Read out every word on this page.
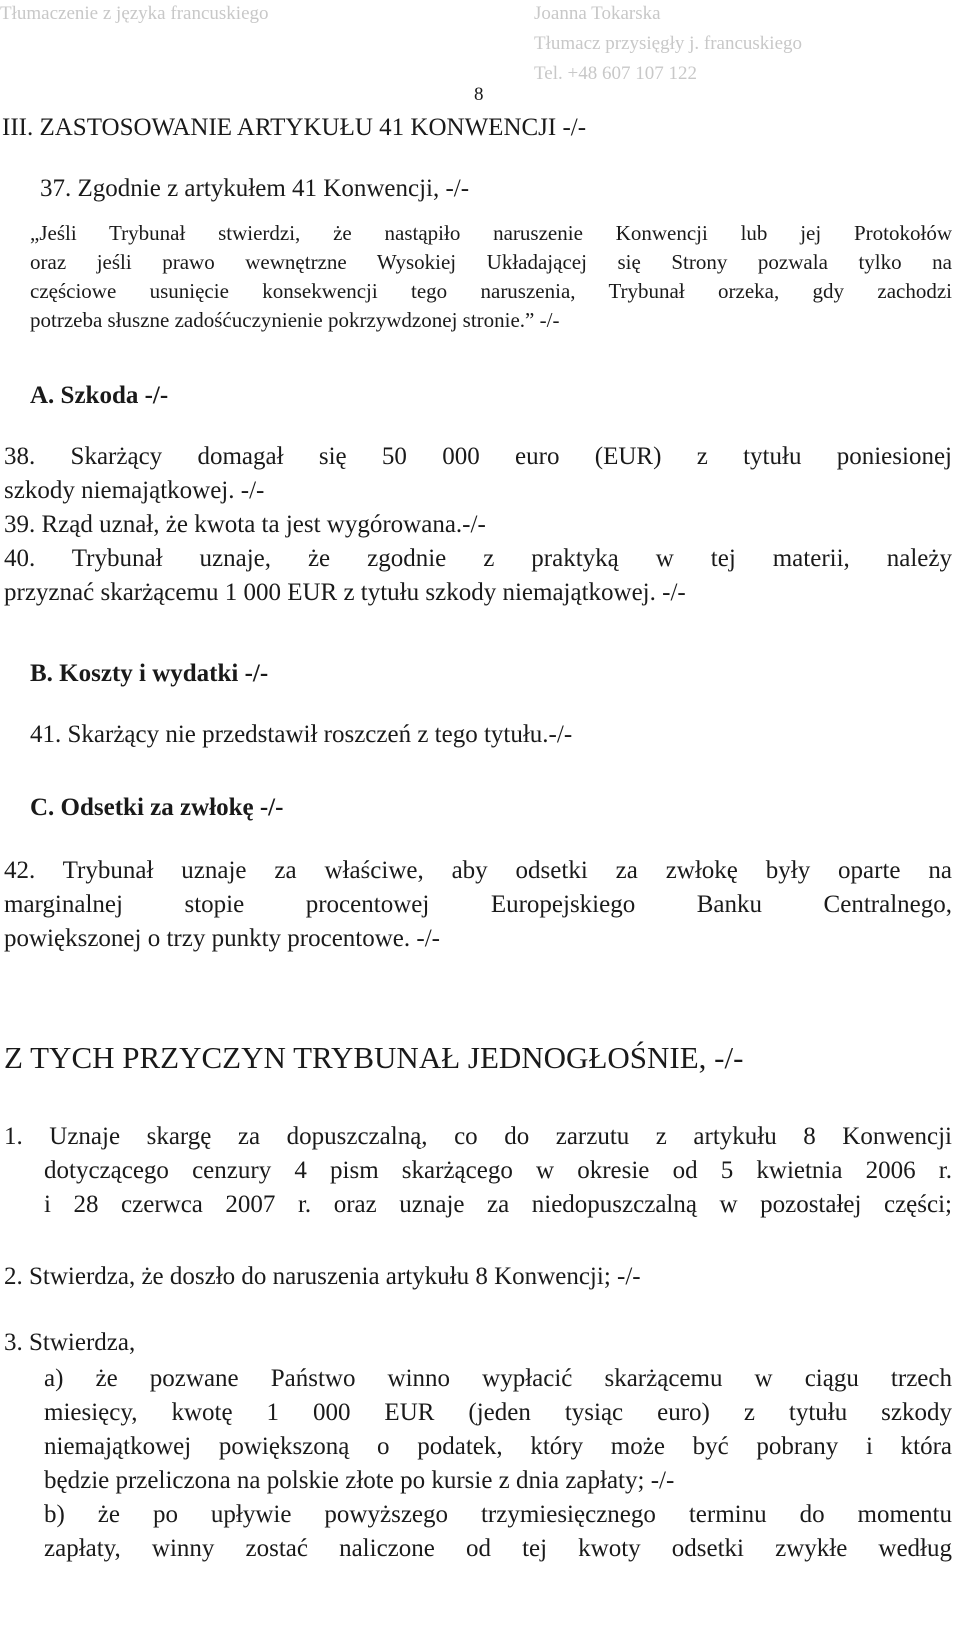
Tłumaczenie z języka francuskiego	Joanna Tokarska
Tłumacz przysięgły j. francuskiego
Tel. +48 607 107 122
8
III. ZASTOSOWANIE ARTYKUŁU 41 KONWENCJI -/-
37. Zgodnie z artykułem 41 Konwencji, -/-
„Jeśli Trybunał stwierdzi, że nastąpiło naruszenie Konwencji lub jej Protokołów
oraz jeśli prawo wewnętrzne Wysokiej Układającej się Strony pozwala tylko na
częściowe usunięcie konsekwencji tego naruszenia, Trybunał orzeka, gdy zachodzi
potrzeba słuszne zadośćuczynienie pokrzywdzonej stronie.” -/-
A. Szkoda -/-
38. Skarżący domagał się 50 000 euro (EUR) z tytułu poniesionej
szkody niemajątkowej. -/-
39. Rząd uznał, że kwota ta jest wygórowana.-/-
40. Trybunał uznaje, że zgodnie z praktyką w tej materii, należy
przyznać skarżącemu 1 000 EUR z tytułu szkody niemajątkowej. -/-
B. Koszty i wydatki -/-
41. Skarżący nie przedstawił roszczeń z tego tytułu.-/-
C. Odsetki za zwłokę -/-
42. Trybunał uznaje za właściwe, aby odsetki za zwłokę były oparte na
marginalnej stopie procentowej Europejskiego Banku Centralnego,
powiększonej o trzy punkty procentowe. -/-
Z TYCH PRZYCZYN TRYBUNAŁ JEDNOGŁOŚNIE, -/-
1. Uznaje skargę za dopuszczalną, co do zarzutu z artykułu 8 Konwencji
dotyczącego cenzury 4 pism skarżącego w okresie od 5 kwietnia 2006 r.
i 28 czerwca 2007 r. oraz uznaje za niedopuszczalną w pozostałej części;
2. Stwierdza, że doszło do naruszenia artykułu 8 Konwencji; -/-
3. Stwierdza,
a) że pozwane Państwo winno wypłacić skarżącemu w ciągu trzech
miesięcy, kwotę 1 000 EUR (jeden tysiąc euro) z tytułu szkody
niemajątkowej powiększoną o podatek, który może być pobrany i która
będzie przeliczona na polskie złote po kursie z dnia zapłaty; -/-
b) że po upływie powyższego trzymiesięcznego terminu do momentu
zapłaty, winny zostać naliczone od tej kwoty odsetki zwykłe według
